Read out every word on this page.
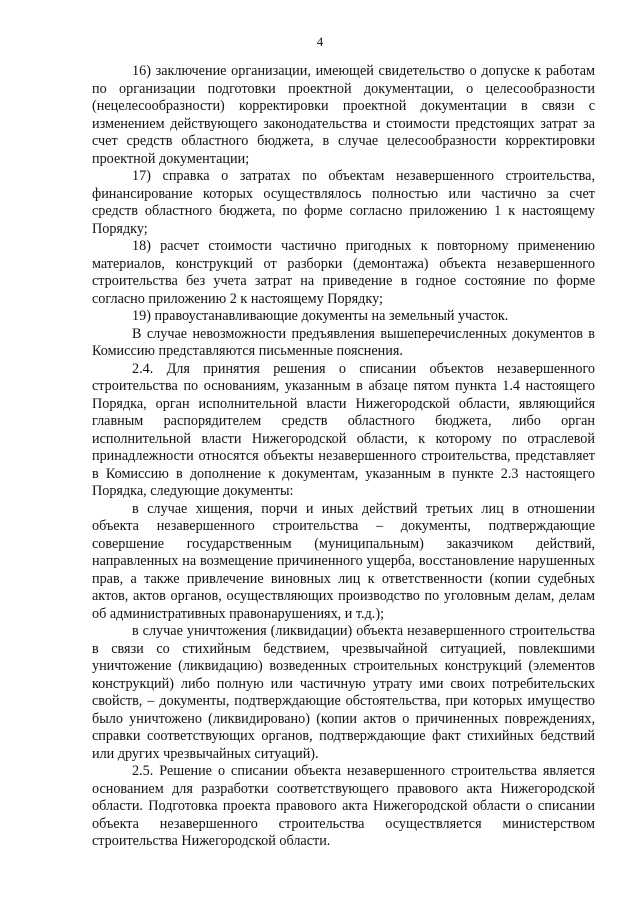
4

16) заключение организации, имеющей свидетельство о допуске к работам по организации подготовки проектной документации, о целесообразности (нецелесообразности) корректировки проектной документации в связи с изменением действующего законодательства и стоимости предстоящих затрат за счет средств областного бюджета, в случае целесообразности корректировки проектной документации;

17) справка о затратах по объектам незавершенного строительства, финансирование которых осуществлялось полностью или частично за счет средств областного бюджета, по форме согласно приложению 1 к настоящему Порядку;

18) расчет стоимости частично пригодных к повторному применению материалов, конструкций от разборки (демонтажа) объекта незавершенного строительства без учета затрат на приведение в годное состояние по форме согласно приложению 2 к настоящему Порядку;

19) правоустанавливающие документы на земельный участок.

В случае невозможности предъявления вышеперечисленных документов в Комиссию представляются письменные пояснения.

2.4. Для принятия решения о списании объектов незавершенного строительства по основаниям, указанным в абзаце пятом пункта 1.4 настоящего Порядка, орган исполнительной власти Нижегородской области, являющийся главным распорядителем средств областного бюджета, либо орган исполнительной власти Нижегородской области, к которому по отраслевой принадлежности относятся объекты незавершенного строительства, представляет в Комиссию в дополнение к документам, указанным в пункте 2.3 настоящего Порядка, следующие документы:

в случае хищения, порчи и иных действий третьих лиц в отношении объекта незавершенного строительства – документы, подтверждающие совершение государственным (муниципальным) заказчиком действий, направленных на возмещение причиненного ущерба, восстановление нарушенных прав, а также привлечение виновных лиц к ответственности (копии судебных актов, актов органов, осуществляющих производство по уголовным делам, делам об административных правонарушениях, и т.д.);

в случае уничтожения (ликвидации) объекта незавершенного строительства в связи со стихийным бедствием, чрезвычайной ситуацией, повлекшими уничтожение (ликвидацию) возведенных строительных конструкций (элементов конструкций) либо полную или частичную утрату ими своих потребительских свойств, – документы, подтверждающие обстоятельства, при которых имущество было уничтожено (ликвидировано) (копии актов о причиненных повреждениях, справки соответствующих органов, подтверждающие факт стихийных бедствий или других чрезвычайных ситуаций).

2.5. Решение о списании объекта незавершенного строительства является основанием для разработки соответствующего правового акта Нижегородской области. Подготовка проекта правового акта Нижегородской области о списании объекта незавершенного строительства осуществляется министерством строительства Нижегородской области.
